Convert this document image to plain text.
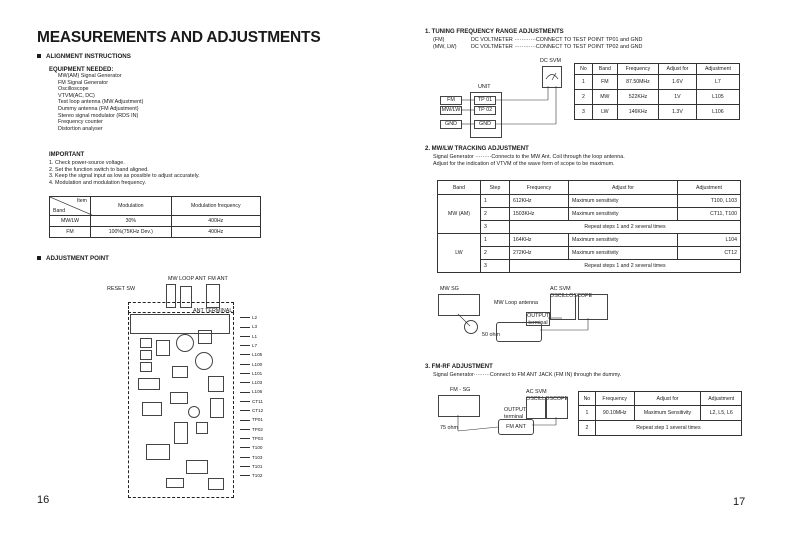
MEASUREMENTS AND ADJUSTMENTS
ALIGNMENT INSTRUCTIONS
EQUIPMENT NEEDED:
MW(AM) Signal Generator
FM Signal Generator
Oscilloscope
VTVM(AC, DC)
Test loop antenna (MW Adjustment)
Dummy antenna (FM Adjustment)
Stereo signal modulator (RDS IN)
Frequency counter
Distortion analyser
IMPORTANT
1. Check power-source voltage.
2. Set the function switch to band aligned.
3. Keep the signal input as low as possible to adjust accurately.
4. Modulation and modulation frequency.
Item
Band	Modulation	Modulation frequency
MW/LW	30%	400Hz
FM	100%(75KHz Dev.)	400Hz
ADJUSTMENT POINT
MW LOOP ANT FM ANT
RESET SW
ANT TERMINAL
L2
L3
L1
L7
L105
L100
L101
L103
L106
CT11
CT12
TP01
TP02
TP03
T100
T103
T101
T102
16
1. TUNING FREQUENCY RANGE ADJUSTMENTS
(FM)	DC VOLTMETER ············CONNECT TO TEST POINT TP01 and GND
(MW, LW)	DC VOLTMETER ············CONNECT TO TEST POINT TP02 and GND
DC SVM
UNIT
TP 01
TP 02
GND
FM
MW/LW
GND
No	Band	Frequency	Adjust for	Adjustment
1	FM	87.50MHz	1.6V	L7
2	MW	522KHz	1V	L105
3	LW	146KHz	1.3V	L106
2. MW/LW TRACKING ADJUSTMENT
Signal Generator ·········Connects to the MW Ant. Coil through the loop antenna.
Adjust for the indication of VTVM of the wave form of scope to be maximum.
Band	Step	Frequency	Adjust for	Adjustment
MW (AM)	1	612KHz	Maximum sensitivity	T100, L103
	2	1503KHz	Maximum sensitivity	CT11, T100
	3	Repeat steps 1 and 2 several times		
LW	1	164KHz	Maximum sensitivity	L104
	2	272KHz	Maximum sensitivity	CT12
	3	Repeat steps 1 and 2 several times		
MW SG	AC SVM OSCILLOSCOPE
MW Loop antenna
OUTPUT terminal
50 ohm
3. FM-RF ADJUSTMENT
Signal Generator·········Connect to FM ANT JACK (FM IN) through the dummy.
FM - SG	AC SVM OSCILLOSCOPE
75 ohm	FM ANT
OUTPUT terminal
No	Frequency	Adjust for	Adjustment
1	90.10MHz	Maximum Sensitivity	L2, L5, L6
2	Repeat step 1 several times		
17
